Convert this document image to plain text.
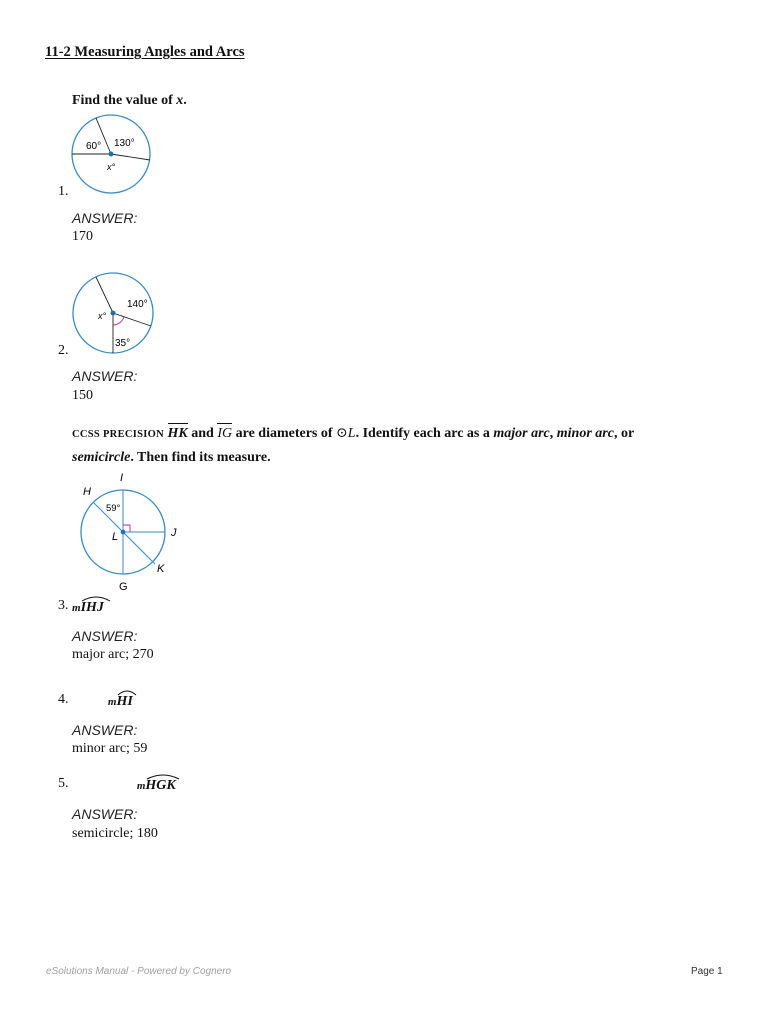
11-2 Measuring Angles and Arcs
Find the value of x.
60° 130°
x°
1.
ANSWER:
170
140°
x°
35°
2.
ANSWER:
150
CCSS PRECISION HK and IG are diameters of ⊙L. Identify each arc as a major arc, minor arc, or
semicircle. Then find its measure.
I
H
J
L
K
G
59°
3. mIHJ

ANSWER:
major arc; 270
4.	mHI

ANSWER:
minor arc; 59
5.	mHGK
ANSWER:
semicircle; 180
eSolutions Manual - Powered by Cognero	Page 1
